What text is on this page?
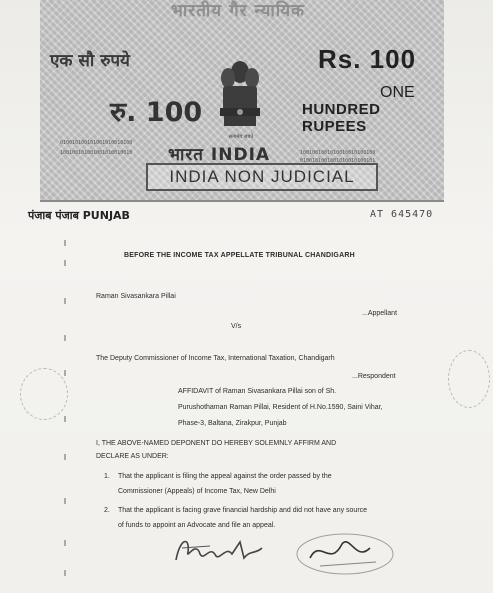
भारतीय गैर न्यायिक
एक सौ रुपये	Rs. 100
रु. 100
ONE
HUNDRED RUPEES
सत्यमेव जयते
भारत INDIA
INDIA NON JUDICIAL
010010100101001010010100
100100101001001010010010	1001001001010010010100100
0100101001001010010100101
पंजाब पंजाब PUNJAB	AT 645470
BEFORE THE INCOME TAX APPELLATE TRIBUNAL CHANDIGARH
Raman Sivasankara Pillai
...Appellant
V/s
The Deputy Commissioner of Income Tax, International Taxation, Chandigarh
...Respondent
AFFIDAVIT of Raman Sivasankara Pillai son of Sh.
Purushothaman Raman Pillai, Resident of H.No.1590, Saini Vihar,
Phase-3, Baltana, Zirakpur, Punjab
I, THE ABOVE-NAMED DEPONENT DO HEREBY SOLEMNLY AFFIRM AND
DECLARE AS UNDER:
1. That the applicant is filing the appeal against the order passed by the
Commissioner (Appeals) of Income Tax, New Delhi
2. That the applicant is facing grave financial hardship and did not have any source
of funds to appoint an Advocate and file an appeal.
